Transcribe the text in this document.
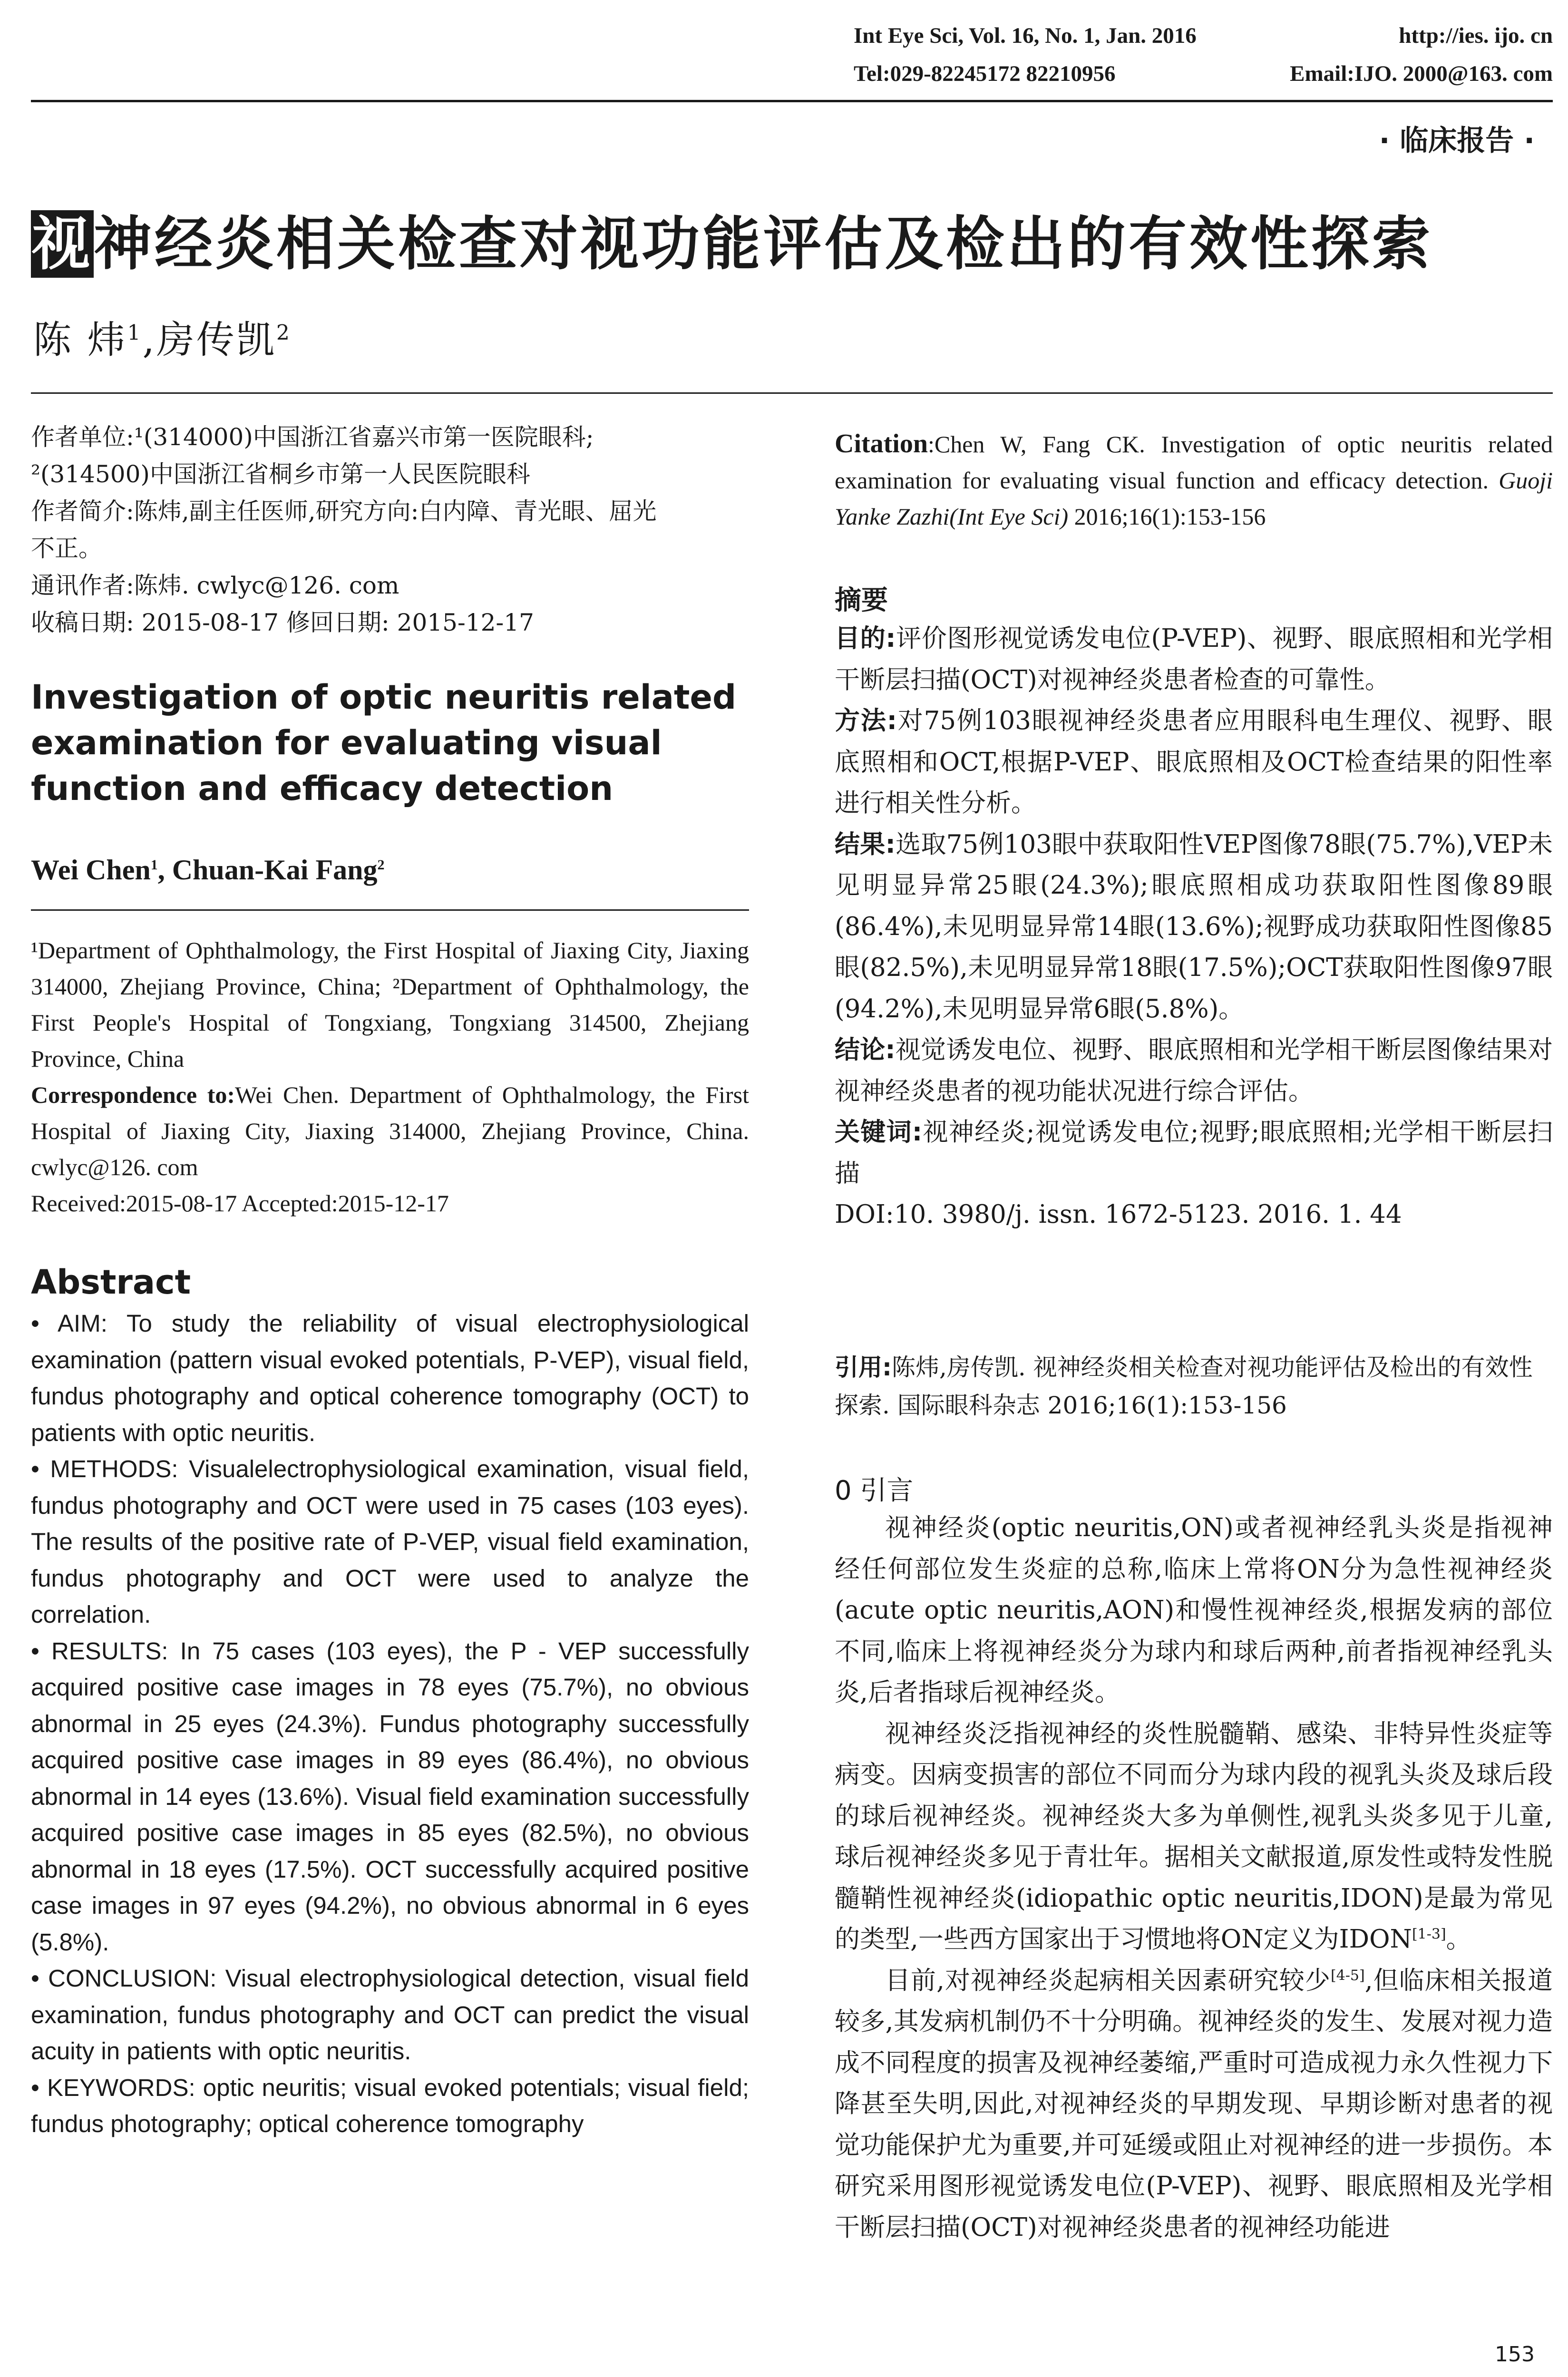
Int Eye Sci, Vol. 16, No. 1, Jan. 2016	http://ies. ijo. cn
Tel:029-82245172 82210956	Email:IJO. 2000@163. com
· 临床报告 ·
视神经炎相关检查对视功能评估及检出的有效性探索
陈 炜$^1$,房传凯$^2$

作者单位:¹(314000)中国浙江省嘉兴市第一医院眼科;

²(314500)中国浙江省桐乡市第一人民医院眼科

作者简介:陈炜,副主任医师,研究方向:白内障、青光眼、屈光

不正。

通讯作者:陈炜. cwlyc@126. com

收稿日期: 2015-08-17 修回日期: 2015-12-17

Investigation of optic neuritis related examination for evaluating visual function and efficacy detection
Wei Chen$^1$, Chuan-Kai Fang$^2$

¹Department of Ophthalmology, the First Hospital of Jiaxing City, Jiaxing 314000, Zhejiang Province, China; ²Department of Ophthalmology, the First People's Hospital of Tongxiang, Tongxiang 314500, Zhejiang Province, China

Correspondence to:Wei Chen. Department of Ophthalmology, the First Hospital of Jiaxing City, Jiaxing 314000, Zhejiang Province, China. cwlyc@126. com

Received:2015-08-17 Accepted:2015-12-17

Abstract

• AIM: To study the reliability of visual electrophysiological examination (pattern visual evoked potentials, P-VEP), visual field, fundus photography and optical coherence tomography (OCT) to patients with optic neuritis.

• METHODS: Visualelectrophysiological examination, visual field, fundus photography and OCT were used in 75 cases (103 eyes). The results of the positive rate of P-VEP, visual field examination, fundus photography and OCT were used to analyze the correlation.

• RESULTS: In 75 cases (103 eyes), the P - VEP successfully acquired positive case images in 78 eyes (75.7%), no obvious abnormal in 25 eyes (24.3%). Fundus photography successfully acquired positive case images in 89 eyes (86.4%), no obvious abnormal in 14 eyes (13.6%). Visual field examination successfully acquired positive case images in 85 eyes (82.5%), no obvious abnormal in 18 eyes (17.5%). OCT successfully acquired positive case images in 97 eyes (94.2%), no obvious abnormal in 6 eyes (5.8%).

• CONCLUSION: Visual electrophysiological detection, visual field examination, fundus photography and OCT can predict the visual acuity in patients with optic neuritis.

• KEYWORDS: optic neuritis; visual evoked potentials; visual field; fundus photography; optical coherence tomography

Citation:Chen W, Fang CK. Investigation of optic neuritis related examination for evaluating visual function and efficacy detection. Guoji Yanke Zazhi(Int Eye Sci) 2016;16(1):153-156

摘要

目的:评价图形视觉诱发电位(P-VEP)、视野、眼底照相和光学相干断层扫描(OCT)对视神经炎患者检查的可靠性。

方法:对75例103眼视神经炎患者应用眼科电生理仪、视野、眼底照相和OCT,根据P-VEP、眼底照相及OCT检查结果的阳性率进行相关性分析。

结果:选取75例103眼中获取阳性VEP图像78眼(75.7%),VEP未见明显异常25眼(24.3%);眼底照相成功获取阳性图像89眼(86.4%),未见明显异常14眼(13.6%);视野成功获取阳性图像85眼(82.5%),未见明显异常18眼(17.5%);OCT获取阳性图像97眼(94.2%),未见明显异常6眼(5.8%)。

结论:视觉诱发电位、视野、眼底照相和光学相干断层图像结果对视神经炎患者的视功能状况进行综合评估。

关键词:视神经炎;视觉诱发电位;视野;眼底照相;光学相干断层扫描

DOI:10. 3980/j. issn. 1672-5123. 2016. 1. 44

引用:陈炜,房传凯. 视神经炎相关检查对视功能评估及检出的有效性探索. 国际眼科杂志 2016;16(1):153-156
0 引言

视神经炎(optic neuritis,ON)或者视神经乳头炎是指视神经任何部位发生炎症的总称,临床上常将ON分为急性视神经炎(acute optic neuritis,AON)和慢性视神经炎,根据发病的部位不同,临床上将视神经炎分为球内和球后两种,前者指视神经乳头炎,后者指球后视神经炎。

视神经炎泛指视神经的炎性脱髓鞘、感染、非特异性炎症等病变。因病变损害的部位不同而分为球内段的视乳头炎及球后段的球后视神经炎。视神经炎大多为单侧性,视乳头炎多见于儿童,球后视神经炎多见于青壮年。据相关文献报道,原发性或特发性脱髓鞘性视神经炎(idiopathic optic neuritis,IDON)是最为常见的类型,一些西方国家出于习惯地将ON定义为IDON[1-3]。

目前,对视神经炎起病相关因素研究较少[4-5],但临床相关报道较多,其发病机制仍不十分明确。视神经炎的发生、发展对视力造成不同程度的损害及视神经萎缩,严重时可造成视力永久性视力下降甚至失明,因此,对视神经炎的早期发现、早期诊断对患者的视觉功能保护尤为重要,并可延缓或阻止对视神经的进一步损伤。本研究采用图形视觉诱发电位(P-VEP)、视野、眼底照相及光学相干断层扫描(OCT)对视神经炎患者的视神经功能进

153
